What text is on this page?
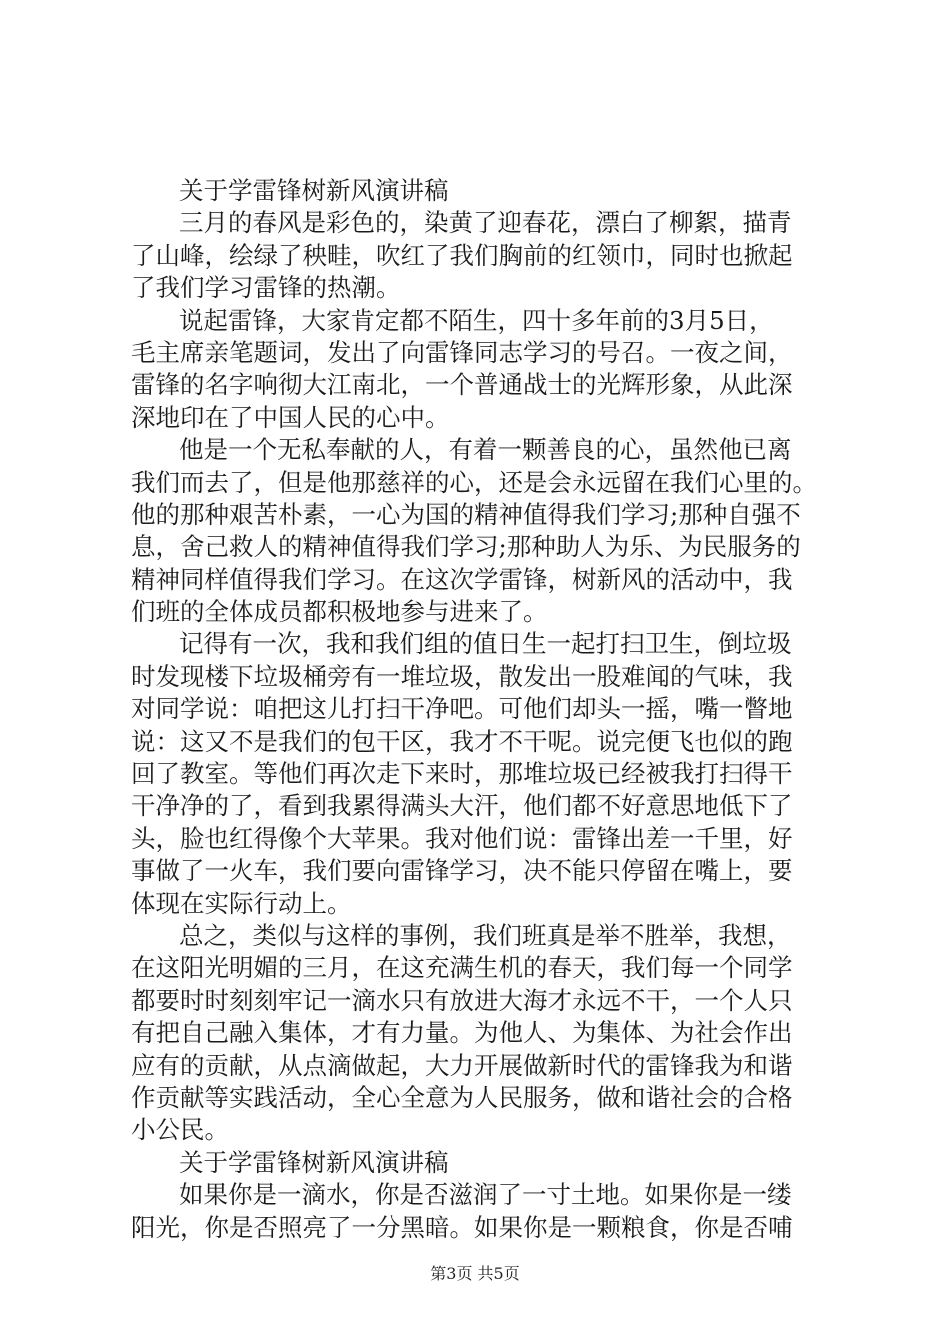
关于学雷锋树新风演讲稿
三月的春风是彩色的，染黄了迎春花，漂白了柳絮，描青
了山峰，绘绿了秧畦，吹红了我们胸前的红领巾，同时也掀起
了我们学习雷锋的热潮。
说起雷锋，大家肯定都不陌生，四十多年前的3月5日，
毛主席亲笔题词，发出了向雷锋同志学习的号召。一夜之间，
雷锋的名字响彻大江南北，一个普通战士的光辉形象，从此深
深地印在了中国人民的心中。
他是一个无私奉献的人，有着一颗善良的心，虽然他已离
我们而去了，但是他那慈祥的心，还是会永远留在我们心里的。
他的那种艰苦朴素，一心为国的精神值得我们学习;那种自强不
息，舍己救人的精神值得我们学习;那种助人为乐、为民服务的
精神同样值得我们学习。在这次学雷锋，树新风的活动中，我
们班的全体成员都积极地参与进来了。
记得有一次，我和我们组的值日生一起打扫卫生，倒垃圾
时发现楼下垃圾桶旁有一堆垃圾，散发出一股难闻的气味，我
对同学说：咱把这儿打扫干净吧。可他们却头一摇，嘴一瞥地
说：这又不是我们的包干区，我才不干呢。说完便飞也似的跑
回了教室。等他们再次走下来时，那堆垃圾已经被我打扫得干
干净净的了，看到我累得满头大汗，他们都不好意思地低下了
头，脸也红得像个大苹果。我对他们说：雷锋出差一千里，好
事做了一火车，我们要向雷锋学习，决不能只停留在嘴上，要
体现在实际行动上。
总之，类似与这样的事例，我们班真是举不胜举，我想，
在这阳光明媚的三月，在这充满生机的春天，我们每一个同学
都要时时刻刻牢记一滴水只有放进大海才永远不干，一个人只
有把自己融入集体，才有力量。为他人、为集体、为社会作出
应有的贡献，从点滴做起，大力开展做新时代的雷锋我为和谐
作贡献等实践活动，全心全意为人民服务，做和谐社会的合格
小公民。
关于学雷锋树新风演讲稿
如果你是一滴水，你是否滋润了一寸土地。如果你是一缕
阳光，你是否照亮了一分黑暗。如果你是一颗粮食，你是否哺
第3页 共5页
